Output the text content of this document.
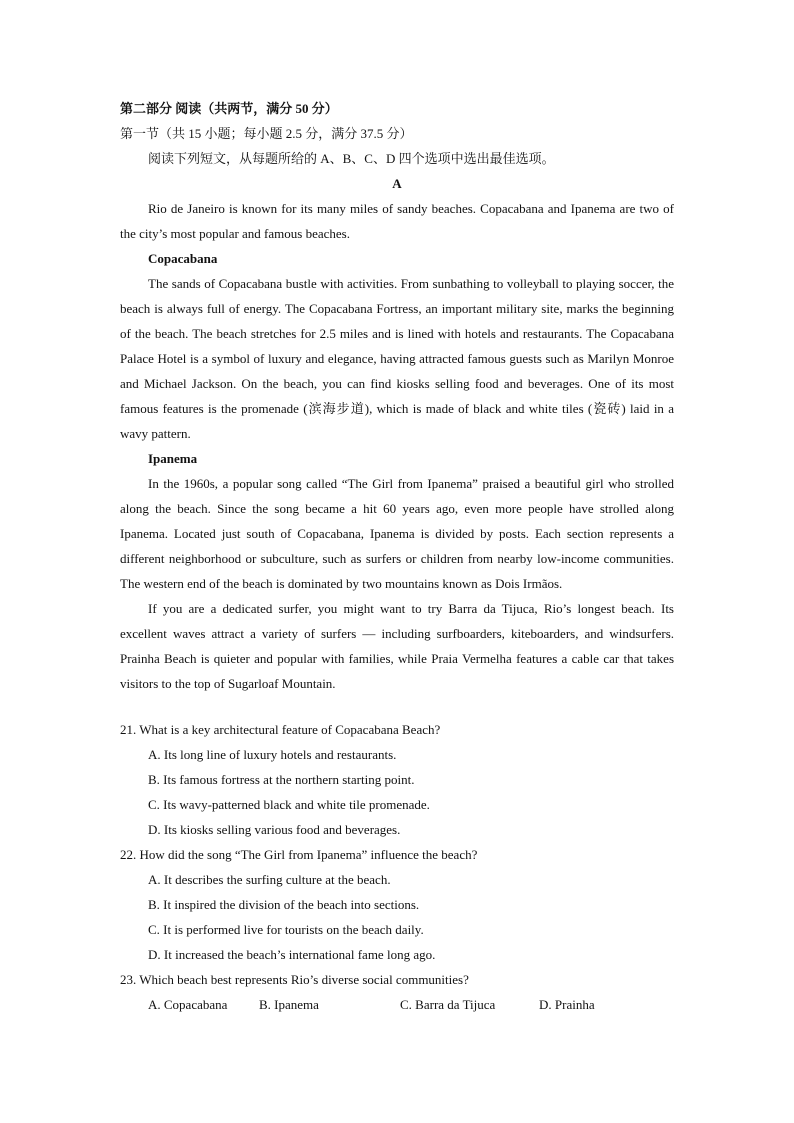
第二部分 阅读（共两节，满分 50 分）
第一节（共 15 小题；每小题 2.5 分，满分 37.5 分）
阅读下列短文，从每题所给的 A、B、C、D 四个选项中选出最佳选项。
A
Rio de Janeiro is known for its many miles of sandy beaches. Copacabana and Ipanema are two of the city’s most popular and famous beaches.
Copacabana
The sands of Copacabana bustle with activities. From sunbathing to volleyball to playing soccer, the beach is always full of energy. The Copacabana Fortress, an important military site, marks the beginning of the beach. The beach stretches for 2.5 miles and is lined with hotels and restaurants. The Copacabana Palace Hotel is a symbol of luxury and elegance, having attracted famous guests such as Marilyn Monroe and Michael Jackson. On the beach, you can find kiosks selling food and beverages. One of its most famous features is the promenade (滨海步道), which is made of black and white tiles (瓷砖) laid in a wavy pattern.
Ipanema
In the 1960s, a popular song called “The Girl from Ipanema” praised a beautiful girl who strolled along the beach. Since the song became a hit 60 years ago, even more people have strolled along Ipanema. Located just south of Copacabana, Ipanema is divided by posts. Each section represents a different neighborhood or subculture, such as surfers or children from nearby low-income communities. The western end of the beach is dominated by two mountains known as Dois Irmãos.
If you are a dedicated surfer, you might want to try Barra da Tijuca, Rio’s longest beach. Its excellent waves attract a variety of surfers — including surfboarders, kiteboarders, and windsurfers. Prainha Beach is quieter and popular with families, while Praia Vermelha features a cable car that takes visitors to the top of Sugarloaf Mountain.
21. What is a key architectural feature of Copacabana Beach?
A. Its long line of luxury hotels and restaurants.
B. Its famous fortress at the northern starting point.
C. Its wavy-patterned black and white tile promenade.
D. Its kiosks selling various food and beverages.
22. How did the song “The Girl from Ipanema” influence the beach?
A. It describes the surfing culture at the beach.
B. It inspired the division of the beach into sections.
C. It is performed live for tourists on the beach daily.
D. It increased the beach’s international fame long ago.
23. Which beach best represents Rio’s diverse social communities?
A. Copacabana B. Ipanema	C. Barra da Tijuca	D. Prainha
